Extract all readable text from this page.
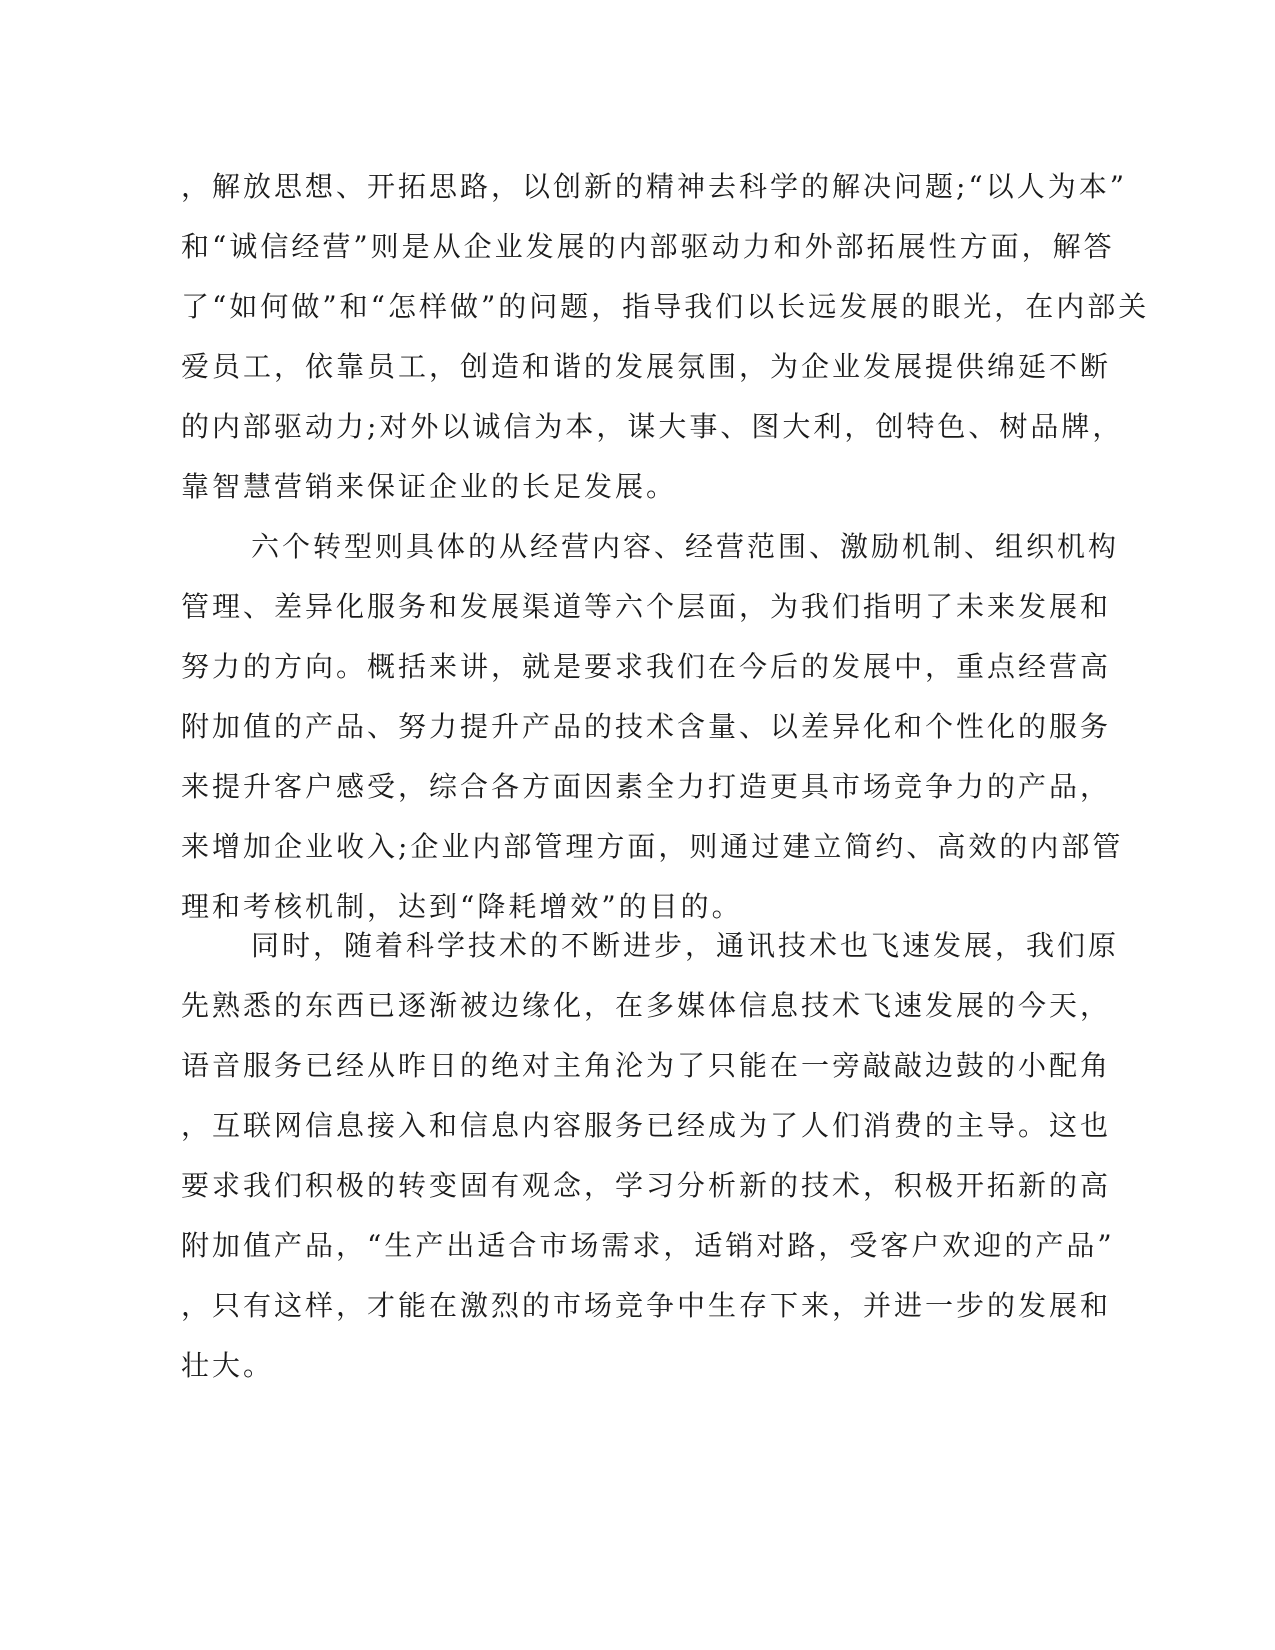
，解放思想、开拓思路，以创新的精神去科学的解决问题;“以人为本”
和“诚信经营”则是从企业发展的内部驱动力和外部拓展性方面，解答
了“如何做”和“怎样做”的问题，指导我们以长远发展的眼光，在内部关
爱员工，依靠员工，创造和谐的发展氛围，为企业发展提供绵延不断
的内部驱动力;对外以诚信为本，谋大事、图大利，创特色、树品牌，
靠智慧营销来保证企业的长足发展。
六个转型则具体的从经营内容、经营范围、激励机制、组织机构
管理、差异化服务和发展渠道等六个层面，为我们指明了未来发展和
努力的方向。概括来讲，就是要求我们在今后的发展中，重点经营高
附加值的产品、努力提升产品的技术含量、以差异化和个性化的服务
来提升客户感受，综合各方面因素全力打造更具市场竞争力的产品，
来增加企业收入;企业内部管理方面，则通过建立简约、高效的内部管
理和考核机制，达到“降耗增效”的目的。
同时，随着科学技术的不断进步，通讯技术也飞速发展，我们原
先熟悉的东西已逐渐被边缘化，在多媒体信息技术飞速发展的今天，
语音服务已经从昨日的绝对主角沦为了只能在一旁敲敲边鼓的小配角
，互联网信息接入和信息内容服务已经成为了人们消费的主导。这也
要求我们积极的转变固有观念，学习分析新的技术，积极开拓新的高
附加值产品，“生产出适合市场需求，适销对路，受客户欢迎的产品”
，只有这样，才能在激烈的市场竞争中生存下来，并进一步的发展和
壮大。
